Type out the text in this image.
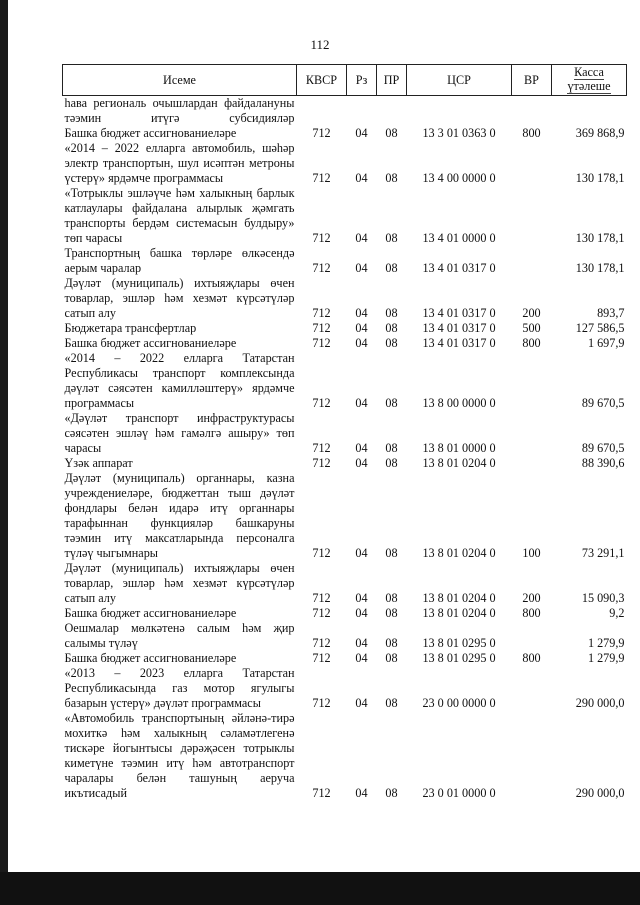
112
Исеме	КВСР	Рз	ПР	ЦСР	ВР	Касса
үтәлеше
һава региональ очышлардан файдалануны тәэмин итүгә субсидияләр						
Башка бюджет ассигнованиеләре	712	04	08	13 3 01 0363 0	800	369 868,9
«2014 – 2022 елларга автомобиль, шәһәр электр транспортын, шул исәптән метроны үстерү» ярдәмче программасы	712	04	08	13 4 00 0000 0		130 178,1
«Тотрыклы эшләүче һәм халыкның барлык катлаулары файдалана алырлык җәмгать транспорты бердәм системасын булдыру» төп чарасы	712	04	08	13 4 01 0000 0		130 178,1
Транспортның башка төрләре өлкәсендә аерым чаралар	712	04	08	13 4 01 0317 0		130 178,1
Дәүләт (муниципаль) ихтыяҗлары өчен товарлар, эшләр һәм хезмәт күрсәтүләр сатып алу	712	04	08	13 4 01 0317 0	200	893,7
Бюджетара трансфертлар	712	04	08	13 4 01 0317 0	500	127 586,5
Башка бюджет ассигнованиеләре	712	04	08	13 4 01 0317 0	800	1 697,9
«2014 – 2022 елларга Татарстан Республикасы транспорт комплексында дәүләт сәясәтен камилләштерү» ярдәмче программасы	712	04	08	13 8 00 0000 0		89 670,5
«Дәүләт транспорт инфраструктурасы сәясәтен эшләү һәм гамәлгә ашыру» төп чарасы	712	04	08	13 8 01 0000 0		89 670,5
Үзәк аппарат	712	04	08	13 8 01 0204 0		88 390,6
Дәүләт (муниципаль) органнары, казна учреждениеләре, бюджеттан тыш дәүләт фондлары белән идарә итү органнары тарафыннан функцияләр башкаруны тәэмин итү максатларында персоналга түләү чыгымнары	712	04	08	13 8 01 0204 0	100	73 291,1
Дәүләт (муниципаль) ихтыяҗлары өчен товарлар, эшләр һәм хезмәт күрсәтүләр сатып алу	712	04	08	13 8 01 0204 0	200	15 090,3
Башка бюджет ассигнованиеләре	712	04	08	13 8 01 0204 0	800	9,2
Оешмалар мөлкәтенә салым һәм җир салымы түләү	712	04	08	13 8 01 0295 0		1 279,9
Башка бюджет ассигнованиеләре	712	04	08	13 8 01 0295 0	800	1 279,9
«2013 – 2023 елларга Татарстан Республикасында газ мотор ягулыгы базарын үстерү» дәүләт программасы	712	04	08	23 0 00 0000 0		290 000,0
«Автомобиль транспортының әйләнә-тирә мохиткә һәм халыкның сәламәтлегенә тискәре йогынтысы дәрәҗәсен тотрыклы киметүне тәэмин итү һәм автотранспорт чаралары белән ташуның аеруча икътисадый	712	04	08	23 0 01 0000 0		290 000,0
